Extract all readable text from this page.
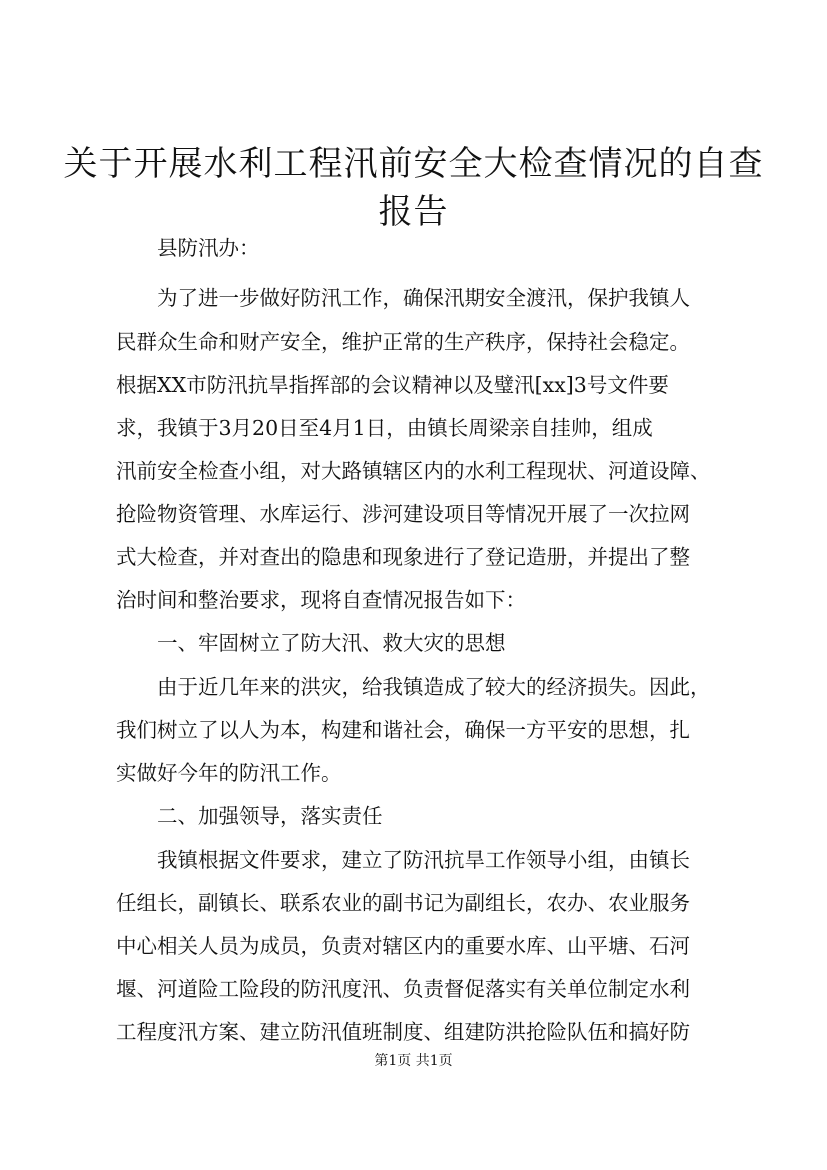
关于开展水利工程汛前安全大检查情况的自查
报告
县防汛办：
为了进一步做好防汛工作，确保汛期安全渡汛，保护我镇人
民群众生命和财产安全，维护正常的生产秩序，保持社会稳定。
根据XX市防汛抗旱指挥部的会议精神以及璧汛[xx]3号文件要
求，我镇于3月20日至4月1日，由镇长周梁亲自挂帅，组成
汛前安全检查小组，对大路镇辖区内的水利工程现状、河道设障、
抢险物资管理、水库运行、涉河建设项目等情况开展了一次拉网
式大检查，并对查出的隐患和现象进行了登记造册，并提出了整
治时间和整治要求，现将自查情况报告如下：
一、牢固树立了防大汛、救大灾的思想
由于近几年来的洪灾，给我镇造成了较大的经济损失。因此，
我们树立了以人为本，构建和谐社会，确保一方平安的思想，扎
实做好今年的防汛工作。
二、加强领导，落实责任
我镇根据文件要求，建立了防汛抗旱工作领导小组，由镇长
任组长，副镇长、联系农业的副书记为副组长，农办、农业服务
中心相关人员为成员，负责对辖区内的重要水库、山平塘、石河
堰、河道险工险段的防汛度汛、负责督促落实有关单位制定水利
工程度汛方案、建立防汛值班制度、组建防洪抢险队伍和搞好防
第1页 共1页
